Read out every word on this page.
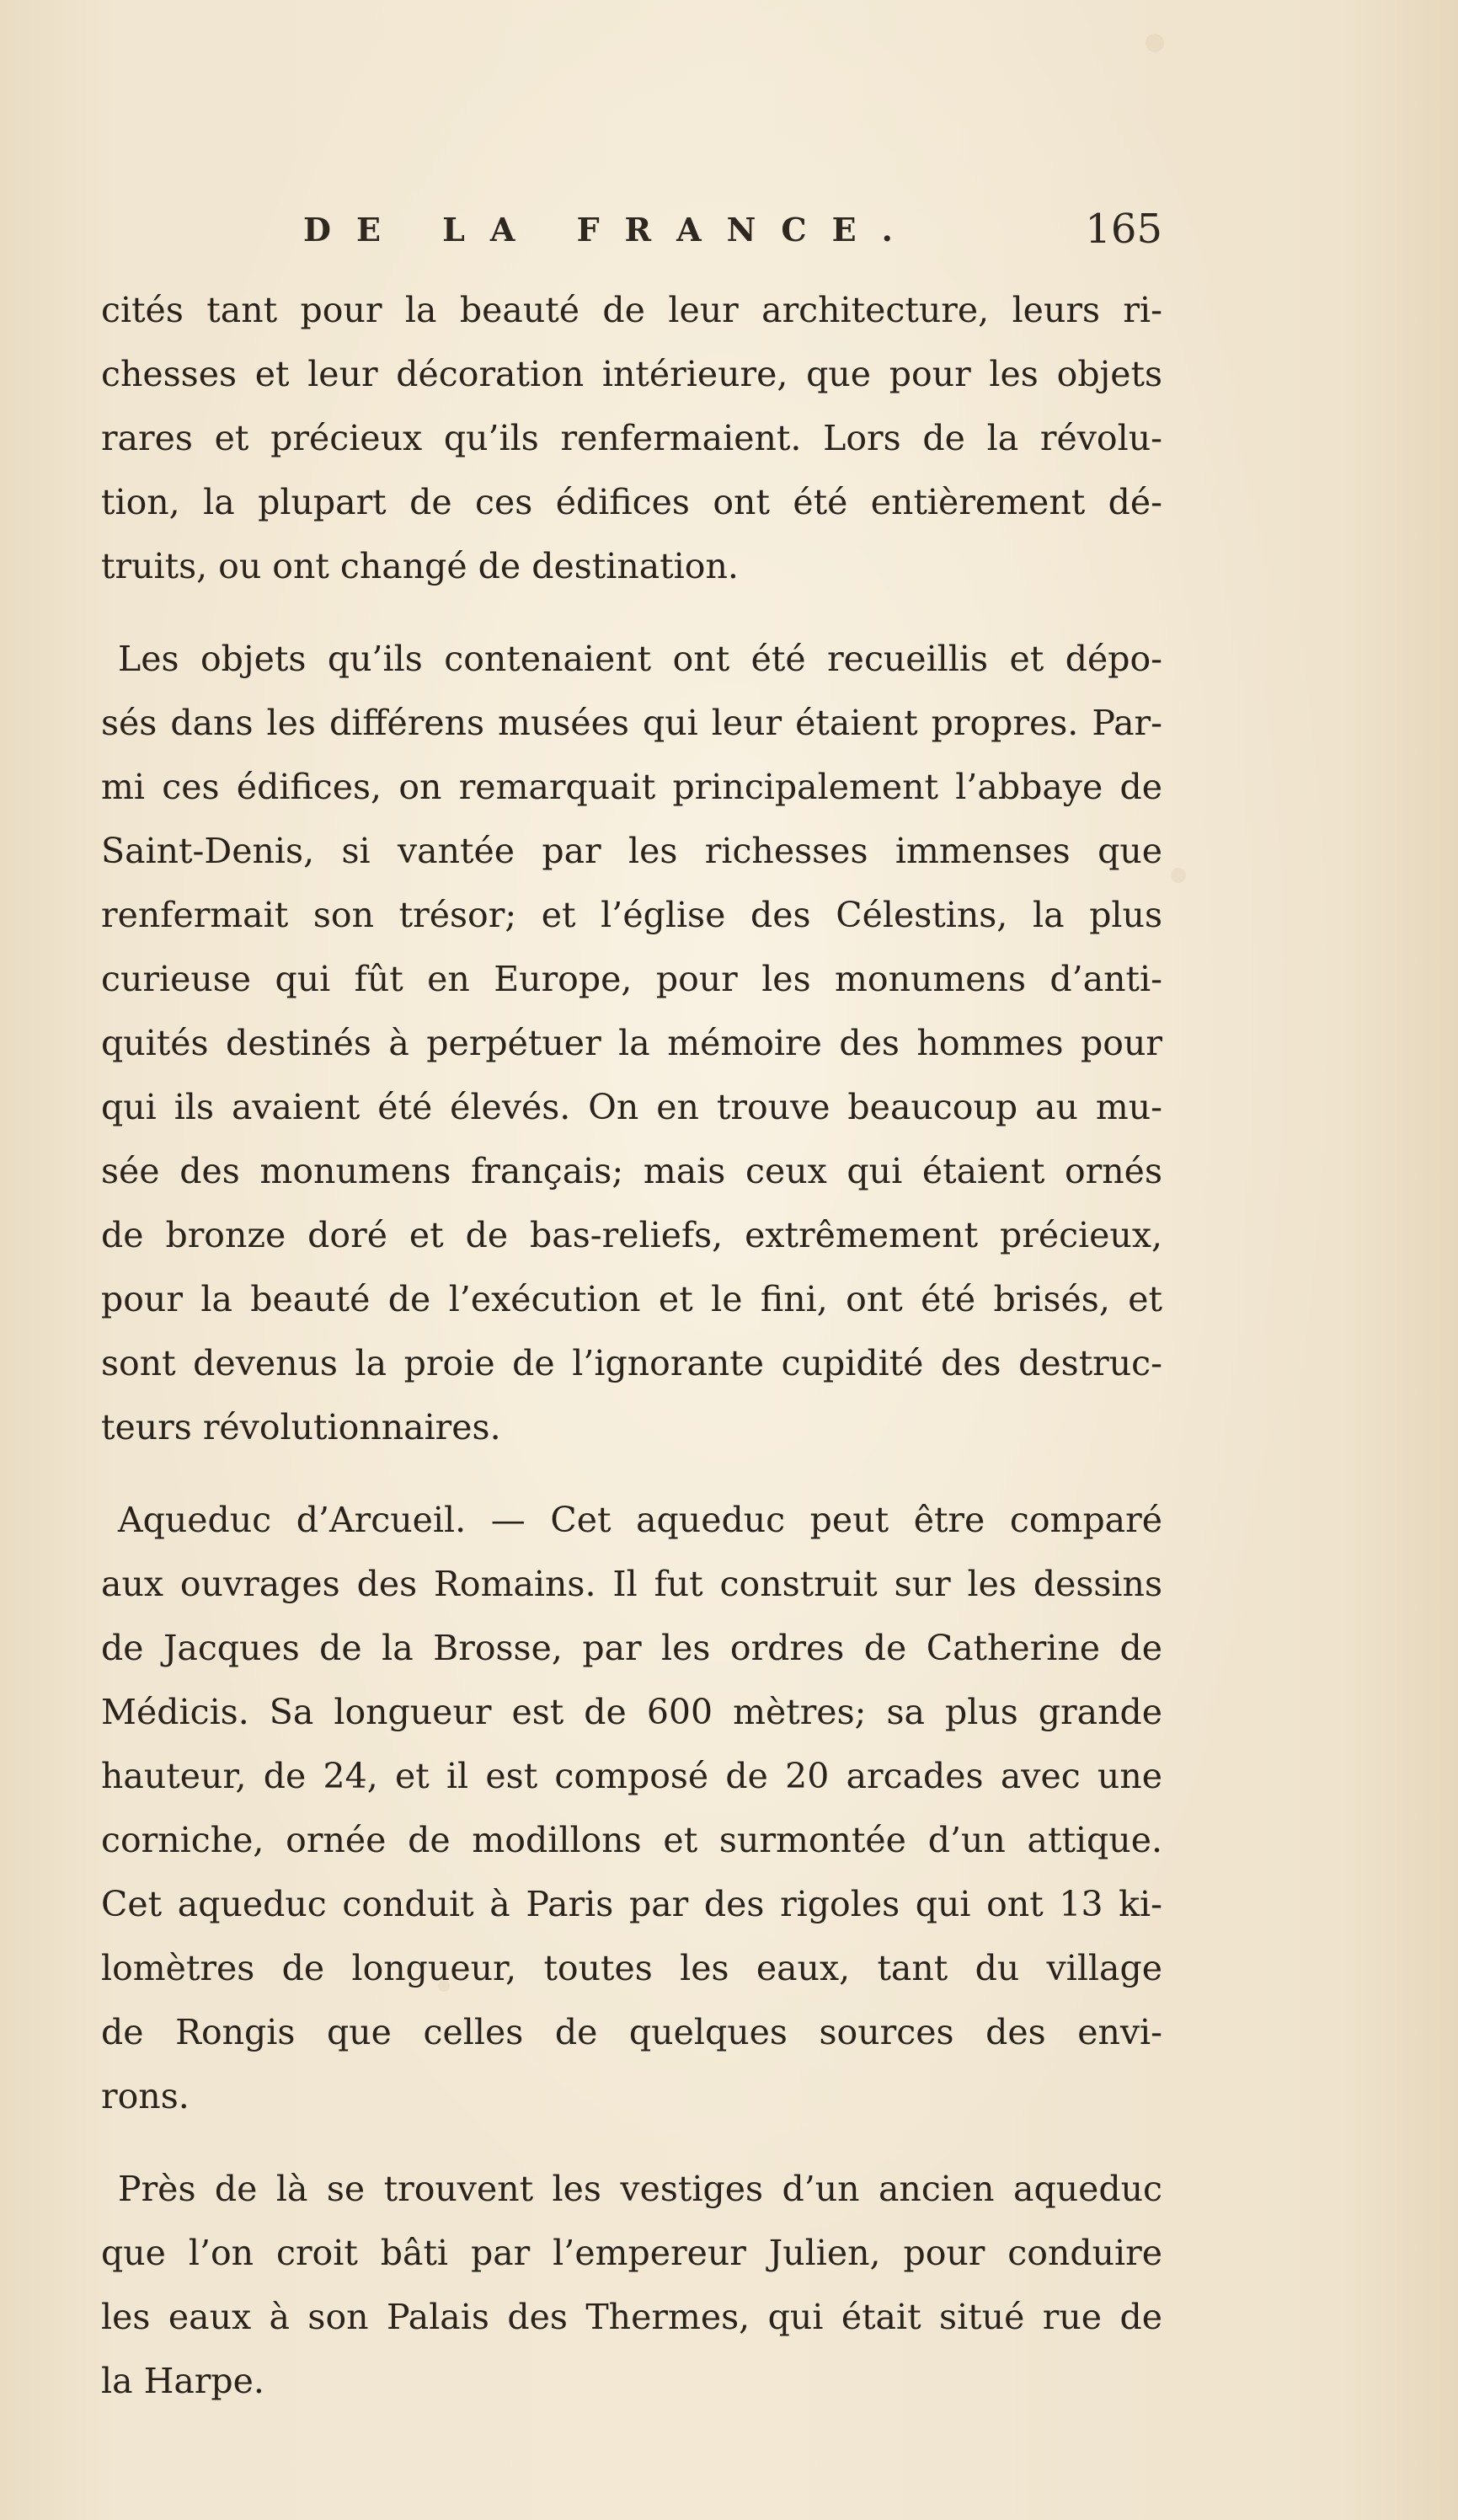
DE LA FRANCE.	165
cités tant pour la beauté de leur architecture, leurs ri-
chesses et leur décoration intérieure, que pour les objets
rares et précieux qu’ils renfermaient. Lors de la révolu-
tion, la plupart de ces édifices ont été entièrement dé-
truits, ou ont changé de destination.
Les objets qu’ils contenaient ont été recueillis et dépo-
sés dans les différens musées qui leur étaient propres. Par-
mi ces édifices, on remarquait principalement l’abbaye de
Saint-Denis, si vantée par les richesses immenses que
renfermait son trésor; et l’église des Célestins, la plus
curieuse qui fût en Europe, pour les monumens d’anti-
quités destinés à perpétuer la mémoire des hommes pour
qui ils avaient été élevés. On en trouve beaucoup au mu-
sée des monumens français; mais ceux qui étaient ornés
de bronze doré et de bas-reliefs, extrêmement précieux,
pour la beauté de l’exécution et le fini, ont été brisés, et
sont devenus la proie de l’ignorante cupidité des destruc-
teurs révolutionnaires.
Aqueduc d’Arcueil. — Cet aqueduc peut être comparé
aux ouvrages des Romains. Il fut construit sur les dessins
de Jacques de la Brosse, par les ordres de Catherine de
Médicis. Sa longueur est de 600 mètres; sa plus grande
hauteur, de 24, et il est composé de 20 arcades avec une
corniche, ornée de modillons et surmontée d’un attique.
Cet aqueduc conduit à Paris par des rigoles qui ont 13 ki-
lomètres de longueur, toutes les eaux, tant du village
de Rongis que celles de quelques sources des envi-
rons.
Près de là se trouvent les vestiges d’un ancien aqueduc
que l’on croit bâti par l’empereur Julien, pour conduire
les eaux à son Palais des Thermes, qui était situé rue de
la Harpe.
